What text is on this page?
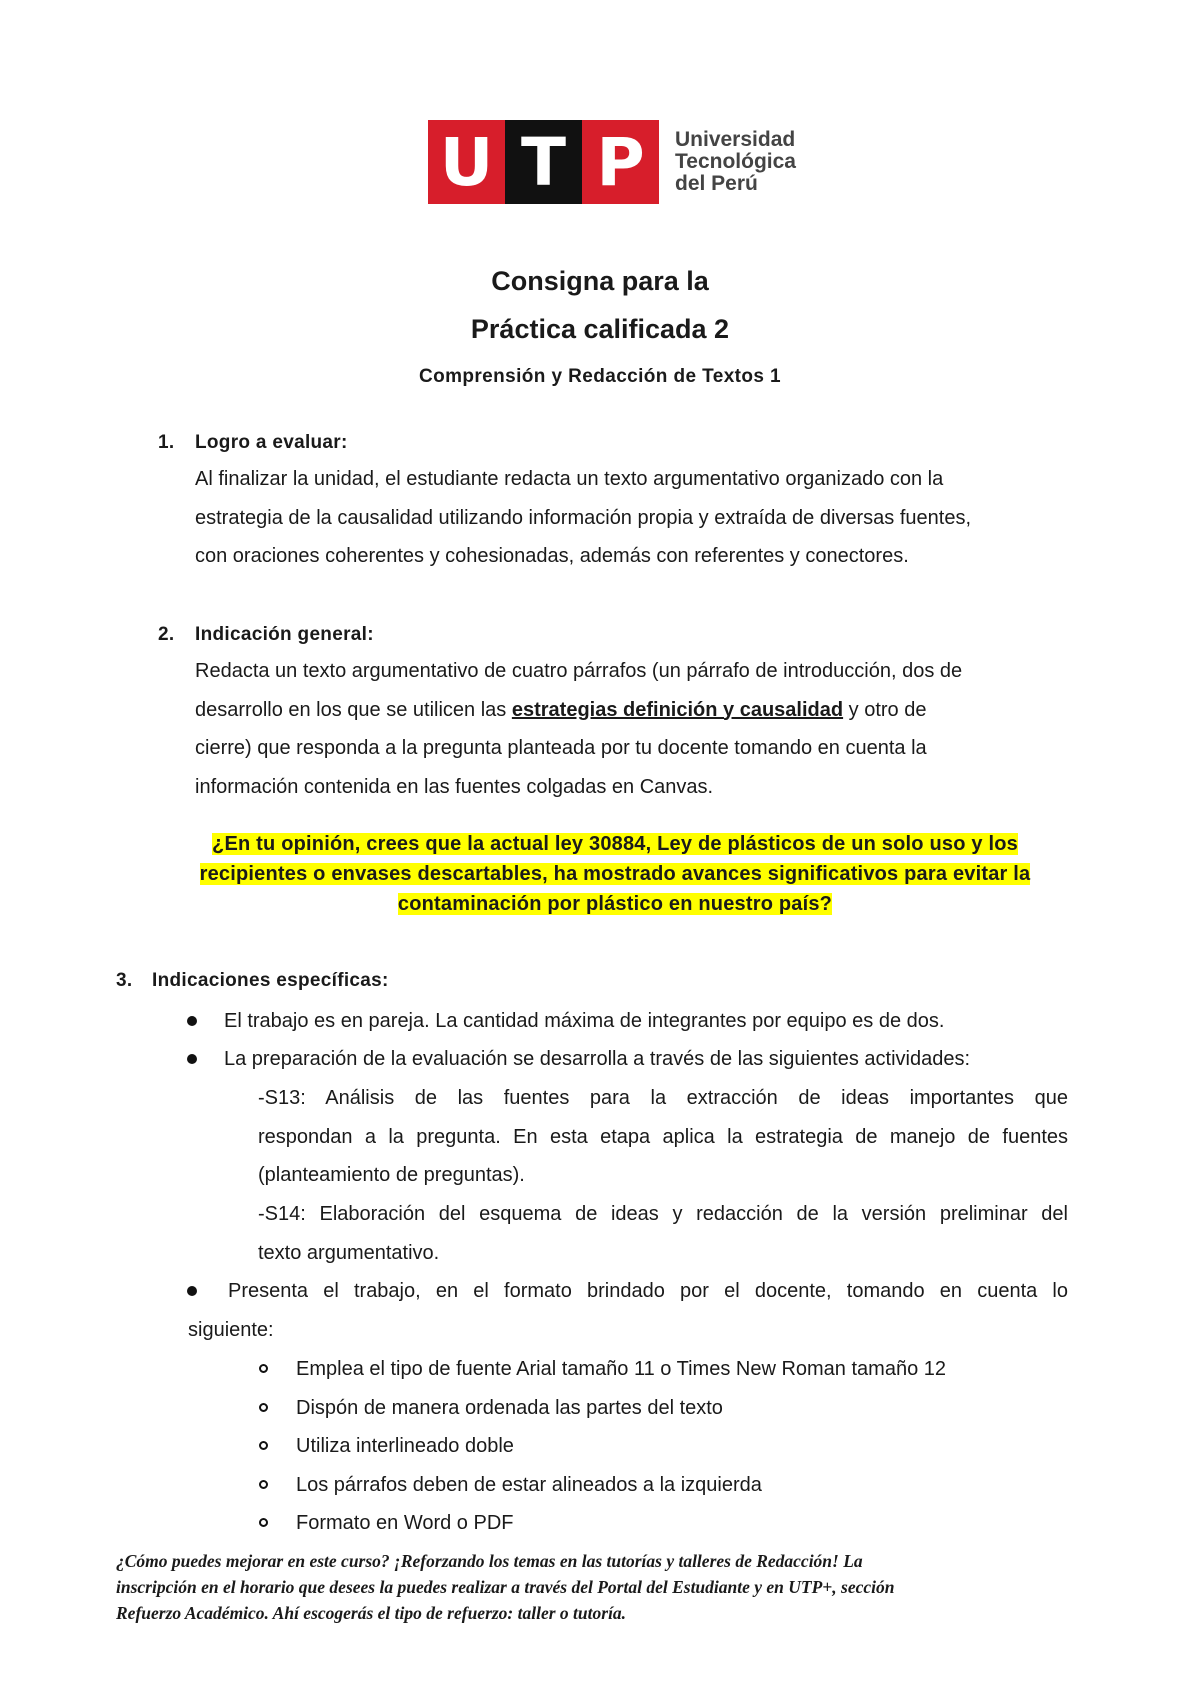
U T P	Universidad
Tecnológica
del Perú
Consigna para la
Práctica calificada 2
Comprensión y Redacción de Textos 1
1. Logro a evaluar:
Al finalizar la unidad, el estudiante redacta un texto argumentativo organizado con la
estrategia de la causalidad utilizando información propia y extraída de diversas fuentes,
con oraciones coherentes y cohesionadas, además con referentes y conectores.
2. Indicación general:
Redacta un texto argumentativo de cuatro párrafos (un párrafo de introducción, dos de
desarrollo en los que se utilicen las estrategias definición y causalidad y otro de
cierre) que responda a la pregunta planteada por tu docente tomando en cuenta la
información contenida en las fuentes colgadas en Canvas.
¿En tu opinión, crees que la actual ley 30884, Ley de plásticos de un solo uso y los
recipientes o envases descartables, ha mostrado avances significativos para evitar la
contaminación por plástico en nuestro país?
3. Indicaciones específicas:
El trabajo es en pareja. La cantidad máxima de integrantes por equipo es de dos.
La preparación de la evaluación se desarrolla a través de las siguientes actividades:
-S13: Análisis de las fuentes para la extracción de ideas importantes que
respondan a la pregunta. En esta etapa aplica la estrategia de manejo de fuentes
(planteamiento de preguntas).
-S14: Elaboración del esquema de ideas y redacción de la versión preliminar del
texto argumentativo.
Presenta el trabajo, en el formato brindado por el docente, tomando en cuenta lo
siguiente:
Emplea el tipo de fuente Arial tamaño 11 o Times New Roman tamaño 12
Dispón de manera ordenada las partes del texto
Utiliza interlineado doble
Los párrafos deben de estar alineados a la izquierda
Formato en Word o PDF
¿Cómo puedes mejorar en este curso? ¡Reforzando los temas en las tutorías y talleres de Redacción! La
inscripción en el horario que desees la puedes realizar a través del Portal del Estudiante y en UTP+, sección
Refuerzo Académico. Ahí escogerás el tipo de refuerzo: taller o tutoría.
